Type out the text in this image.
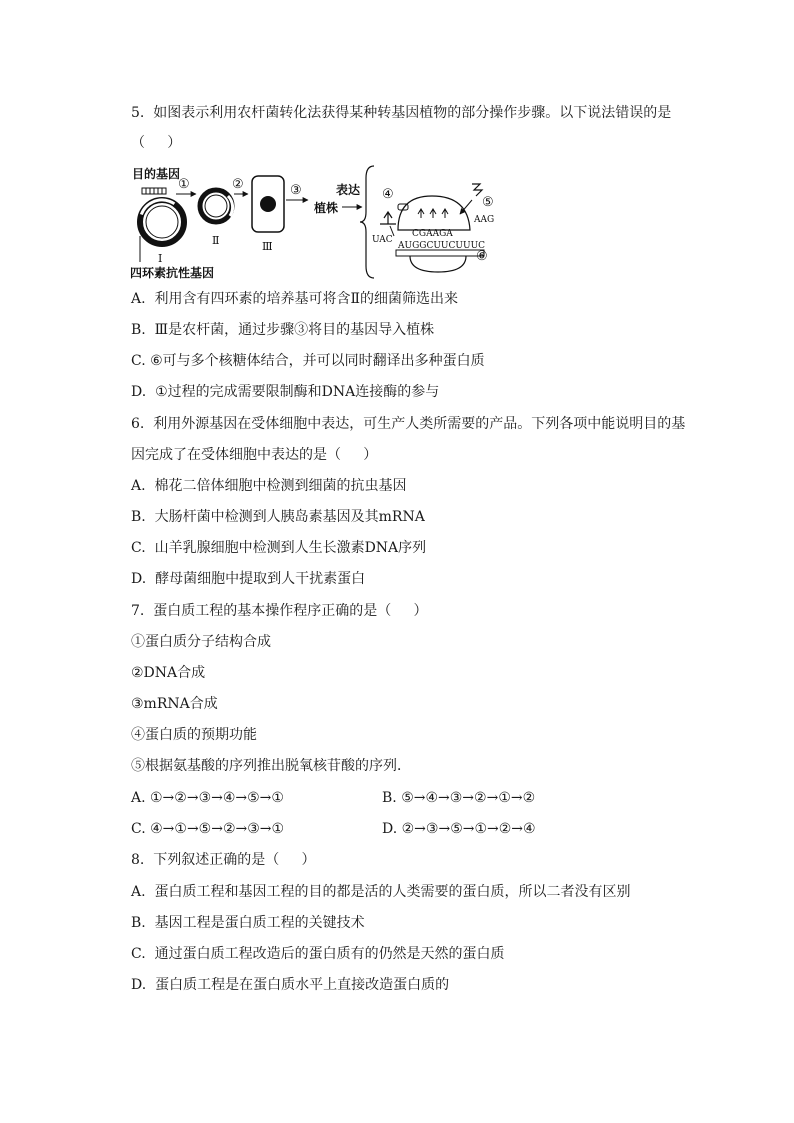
5.  如图表示利用农杆菌转化法获得某种转基因植物的部分操作步骤。以下说法错误的是
（     ）
目的基因
Ⅰ
四环素抗性基因
①
Ⅱ
②
Ⅲ
③	表达
植株
④
UAC
CGAAGA
AUGGCUUCUUUC
⑤
AAG
⑥
A.  利用含有四环素的培养基可将含Ⅱ的细菌筛选出来
B.  Ⅲ是农杆菌，通过步骤③将目的基因导入植株
C. ⑥可与多个核糖体结合，并可以同时翻译出多种蛋白质
D.  ①过程的完成需要限制酶和DNA连接酶的参与
6.  利用外源基因在受体细胞中表达，可生产人类所需要的产品。下列各项中能说明目的基
因完成了在受体细胞中表达的是（     ）
A.  棉花二倍体细胞中检测到细菌的抗虫基因
B.  大肠杆菌中检测到人胰岛素基因及其mRNA
C.  山羊乳腺细胞中检测到人生长激素DNA序列
D.  酵母菌细胞中提取到人干扰素蛋白
7.  蛋白质工程的基本操作程序正确的是（     ）
①蛋白质分子结构合成
②DNA合成
③mRNA合成
④蛋白质的预期功能
⑤根据氨基酸的序列推出脱氧核苷酸的序列．
A. ①→②→③→④→⑤→①	B. ⑤→④→③→②→①→②
C. ④→①→⑤→②→③→①	D. ②→③→⑤→①→②→④
8.  下列叙述正确的是（     ）
A.  蛋白质工程和基因工程的目的都是活的人类需要的蛋白质，所以二者没有区别
B.  基因工程是蛋白质工程的关键技术
C.  通过蛋白质工程改造后的蛋白质有的仍然是天然的蛋白质
D.  蛋白质工程是在蛋白质水平上直接改造蛋白质的
